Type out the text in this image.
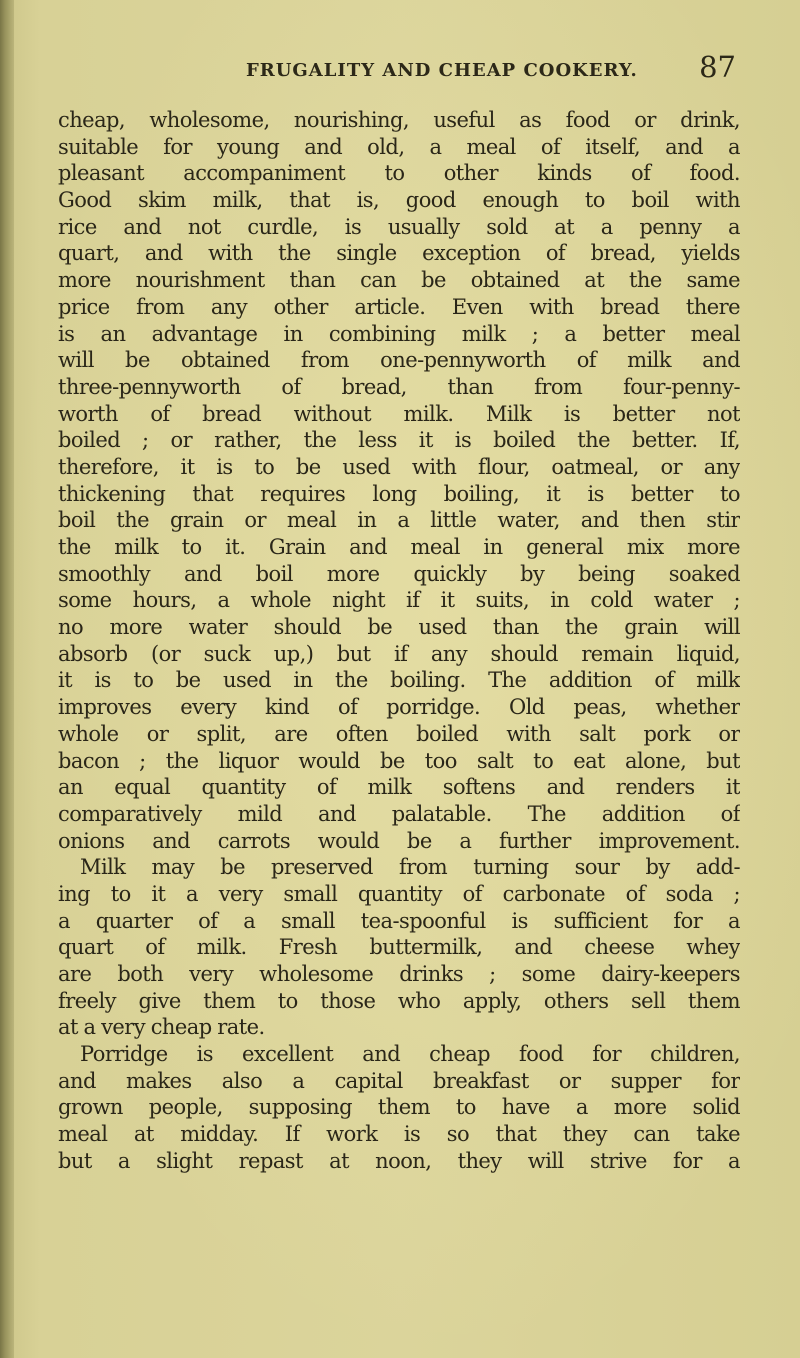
FRUGALITY AND CHEAP COOKERY. 87
cheap, wholesome, nourishing, useful as food or drink,
suitable for young and old, a meal of itself, and a
pleasant accompaniment to other kinds of food.
Good skim milk, that is, good enough to boil with
rice and not curdle, is usually sold at a penny a
quart, and with the single exception of bread, yields
more nourishment than can be obtained at the same
price from any other article. Even with bread there
is an advantage in combining milk ; a better meal
will be obtained from one-pennyworth of milk and
three-pennyworth of bread, than from four-penny-
worth of bread without milk. Milk is better not
boiled ; or rather, the less it is boiled the better. If,
therefore, it is to be used with flour, oatmeal, or any
thickening that requires long boiling, it is better to
boil the grain or meal in a little water, and then stir
the milk to it. Grain and meal in general mix more
smoothly and boil more quickly by being soaked
some hours, a whole night if it suits, in cold water ;
no more water should be used than the grain will
absorb (or suck up,) but if any should remain liquid,
it is to be used in the boiling. The addition of milk
improves every kind of porridge. Old peas, whether
whole or split, are often boiled with salt pork or
bacon ; the liquor would be too salt to eat alone, but
an equal quantity of milk softens and renders it
comparatively mild and palatable. The addition of
onions and carrots would be a further improvement.
Milk may be preserved from turning sour by add-
ing to it a very small quantity of carbonate of soda ;
a quarter of a small tea-spoonful is sufficient for a
quart of milk. Fresh buttermilk, and cheese whey
are both very wholesome drinks ; some dairy-keepers
freely give them to those who apply, others sell them
at a very cheap rate.
Porridge is excellent and cheap food for children,
and makes also a capital breakfast or supper for
grown people, supposing them to have a more solid
meal at midday. If work is so that they can take
but a slight repast at noon, they will strive for a
